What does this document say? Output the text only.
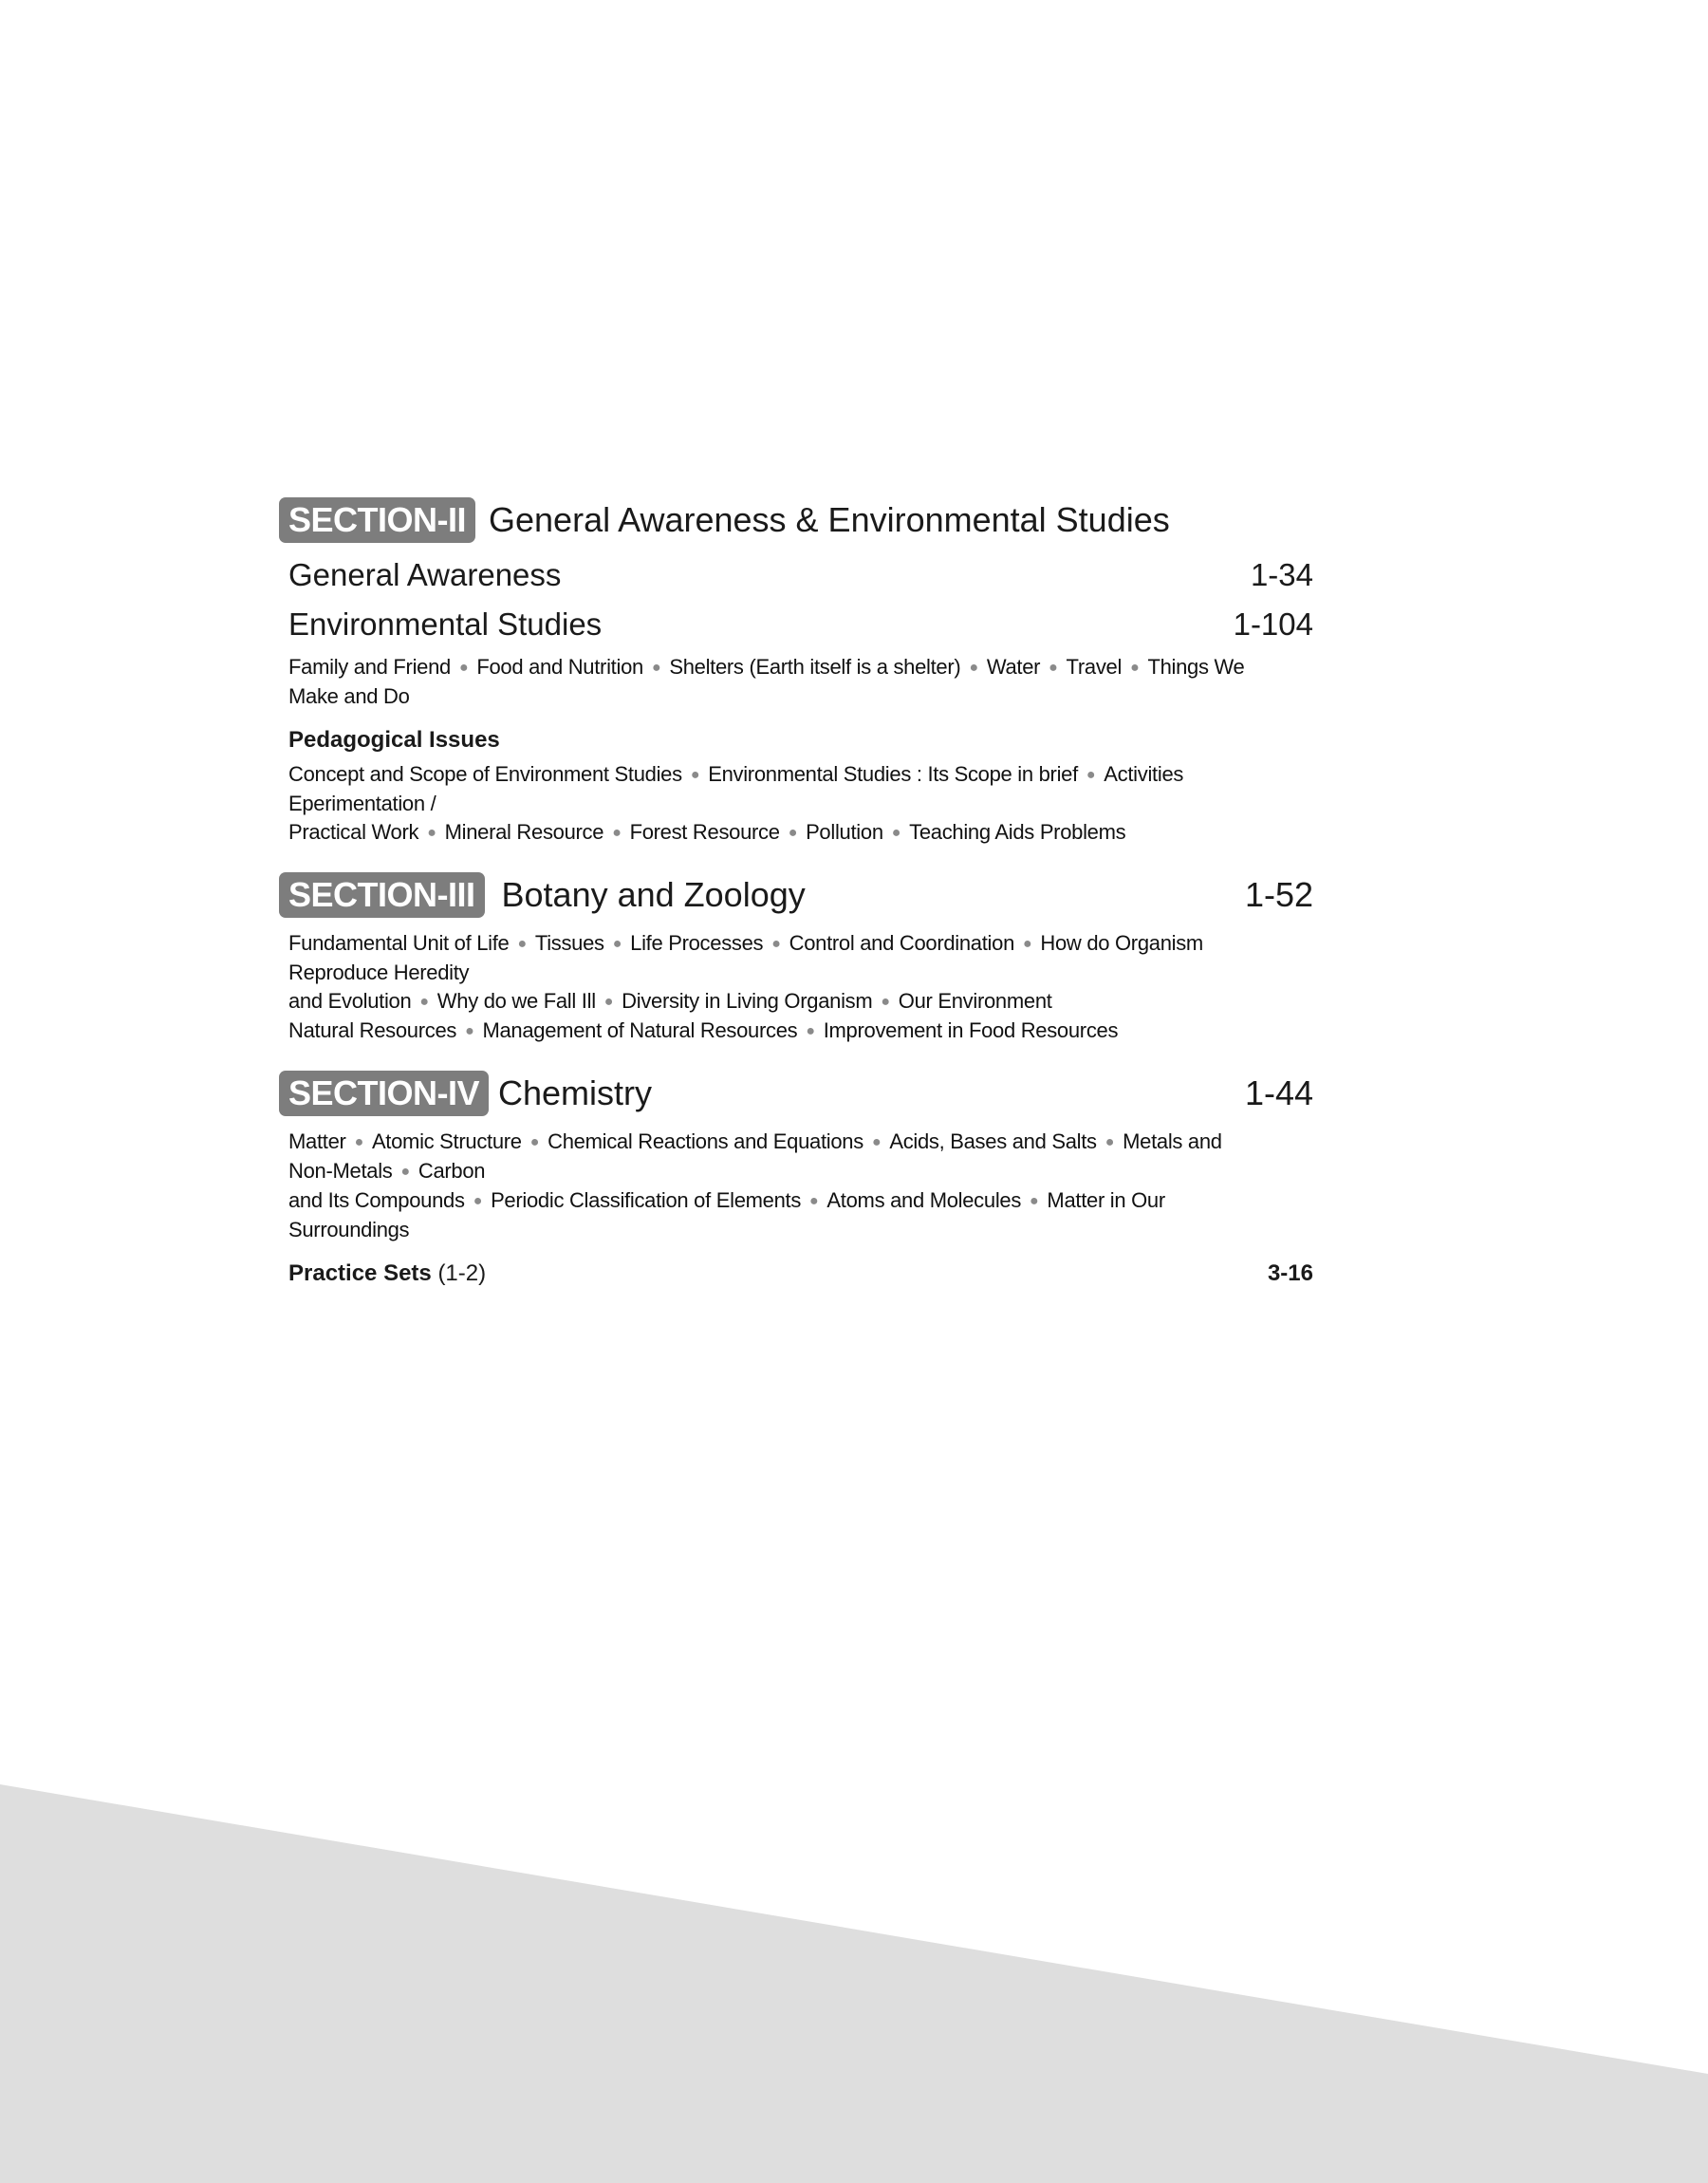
SECTION-II General Awareness & Environmental Studies
General Awareness	1-34
Environmental Studies	1-104
Family and Friend ● Food and Nutrition ● Shelters (Earth itself is a shelter) ● Water ● Travel ● Things We
Make and Do
Pedagogical Issues
Concept and Scope of Environment Studies ● Environmental Studies : Its Scope in brief ● Activities
Eperimentation /
Practical Work ● Mineral Resource ● Forest Resource ● Pollution ● Teaching Aids Problems
SECTION-III Botany and Zoology	1-52
Fundamental Unit of Life ● Tissues ● Life Processes ● Control and Coordination ● How do Organism
Reproduce Heredity
and Evolution ● Why do we Fall Ill ● Diversity in Living Organism ● Our Environment
Natural Resources ● Management of Natural Resources ● Improvement in Food Resources
SECTION-IV Chemistry	1-44
Matter ● Atomic Structure ● Chemical Reactions and Equations ● Acids, Bases and Salts ● Metals and
Non-Metals ● Carbon
and Its Compounds ● Periodic Classification of Elements ● Atoms and Molecules ● Matter in Our
Surroundings
Practice Sets (1-2)	3-16
